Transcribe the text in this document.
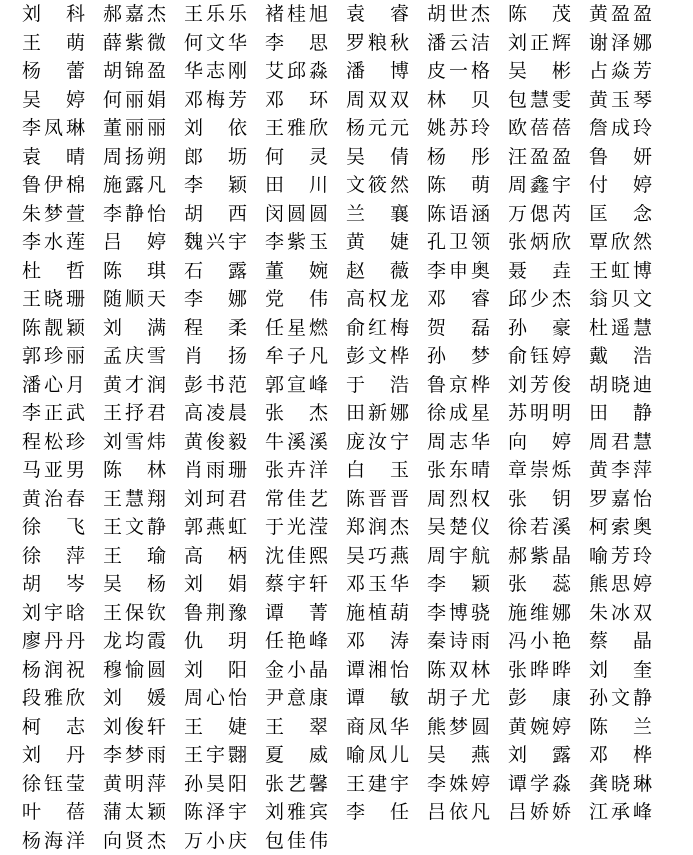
刘 科 郝 嘉 杰 王 乐 乐 褚 桂 旭 袁 睿 胡 世 杰 陈 茂 黄 盈 盈
王 萌 薛 紫 微 何 文 华 李 思 罗 粮 秋 潘 云 洁 刘 正 辉 谢 泽 娜
杨 蕾 胡 锦 盈 华 志 刚 艾 邱 淼 潘 博 皮 一 格 吴 彬 占 焱 芳
吴 婷 何 丽 娟 邓 梅 芳 邓 环 周 双 双 林 贝 包 慧 雯 黄 玉 琴
李 凤 琳 董 丽 丽 刘 依 王 雅 欣 杨 元 元 姚 苏 玲 欧 蓓 蓓 詹 成 玲
袁 晴 周 扬 朔 郎 坜 何 灵 吴 倩 杨 彤 汪 盈 盈 鲁 妍
鲁 伊 棉 施 露 凡 李 颖 田 川 文 筱 然 陈 萌 周 鑫 宇 付 婷
朱 梦 萱 李 静 怡 胡 西 闵 圆 圆 兰 襄 陈 语 涵 万 偲 芮 匡 念
李 水 莲 吕 婷 魏 兴 宇 李 紫 玉 黄 婕 孔 卫 领 张 炳 欣 覃 欣 然
杜 哲 陈 琪 石 露 董 婉 赵 薇 李 申 奥 聂 垚 王 虹 博
王 晓 珊 随 顺 天 李 娜 党 伟 高 权 龙 邓 睿 邱 少 杰 翁 贝 文
陈 靓 颖 刘 满 程 柔 任 星 燃 俞 红 梅 贺 磊 孙 豪 杜 遥 慧
郭 珍 丽 孟 庆 雪 肖 扬 牟 子 凡 彭 文 桦 孙 梦 俞 钰 婷 戴 浩
潘 心 月 黄 才 润 彭 书 范 郭 宣 峰 于 浩 鲁 京 桦 刘 芳 俊 胡 晓 迪
李 正 武 王 抒 君 高 凌 晨 张 杰 田 新 娜 徐 成 星 苏 明 明 田 静
程 松 珍 刘 雪 炜 黄 俊 毅 牛 溪 溪 庞 汝 宁 周 志 华 向 婷 周 君 慧
马 亚 男 陈 林 肖 雨 珊 张 卉 洋 白 玉 张 东 晴 章 崇 烁 黄 李 萍
黄 治 春 王 慧 翔 刘 珂 君 常 佳 艺 陈 晋 晋 周 烈 权 张 钥 罗 嘉 怡
徐 飞 王 文 静 郭 燕 虹 于 光 滢 郑 润 杰 吴 楚 仪 徐 若 溪 柯 索 奥
徐 萍 王 瑜 高 柄 沈 佳 熙 吴 巧 燕 周 宇 航 郝 紫 晶 喻 芳 玲
胡 岑 吴 杨 刘 娟 蔡 宇 轩 邓 玉 华 李 颖 张 蕊 熊 思 婷
刘 宇 晗 王 保 钦 鲁 荆 豫 谭 菁 施 植 葫 李 博 骁 施 维 娜 朱 冰 双
廖 丹 丹 龙 均 霞 仇 玥 任 艳 峰 邓 涛 秦 诗 雨 冯 小 艳 蔡 晶
杨 润 祝 穆 愉 圆 刘 阳 金 小 晶 谭 湘 怡 陈 双 林 张 晔 晔 刘 奎
段 雅 欣 刘 媛 周 心 怡 尹 意 康 谭 敏 胡 子 尤 彭 康 孙 文 静
柯 志 刘 俊 轩 王 婕 王 翠 商 凤 华 熊 梦 圆 黄 婉 婷 陈 兰
刘 丹 李 梦 雨 王 宇 翾 夏 威 喻 凤 儿 吴 燕 刘 露 邓 桦
徐 钰 莹 黄 明 萍 孙 昊 阳 张 艺 馨 王 建 宇 李 姝 婷 谭 学 淼 龚 晓 琳
叶 蓓 蒲 太 颖 陈 泽 宇 刘 雅 宾 李 任 吕 依 凡 吕 娇 娇 江 承 峰
杨 海 洋 向 贤 杰 万 小 庆 包 佳 伟
